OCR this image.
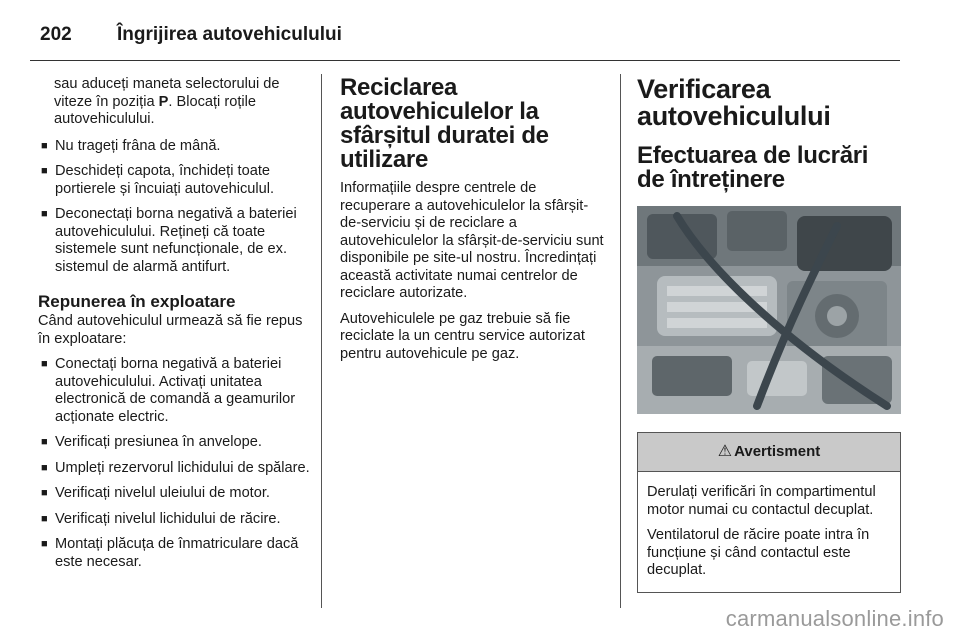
202 Îngrijirea autovehiculului

sau aduceți maneta selectorului de viteze în poziția P. Blocați roțile autovehiculului.

■ Nu trageți frâna de mână.
■ Deschideți capota, închideți toate portierele și încuiați autovehiculul.
■ Deconectați borna negativă a bateriei autovehiculului. Rețineți că toate sistemele sunt nefuncționale, de ex. sistemul de alarmă antifurt.
Repunerea în exploatare

Când autovehiculul urmează să fie repus în exploatare:

■ Conectați borna negativă a bateriei autovehiculului. Activați unitatea electronică de comandă a geamurilor acționate electric.
■ Verificați presiunea în anvelope.
■ Umpleți rezervorul lichidului de spălare.
■ Verificați nivelul uleiului de motor.
■ Verificați nivelul lichidului de răcire.
■ Montați plăcuța de înmatriculare dacă este necesar.
Reciclarea autovehiculelor la sfârșitul duratei de utilizare

Informațiile despre centrele de recuperare a autovehiculelor la sfârșit-de-serviciu și de reciclare a autovehiculelor la sfârșit-de-serviciu sunt disponibile pe site-ul nostru. Încredințați această activitate numai centrelor de reciclare autorizate.

Autovehiculele pe gaz trebuie să fie reciclate la un centru service autorizat pentru autovehicule pe gaz.

Verificarea autovehiculului
Efectuarea de lucrări de întreținere
⚠ Avertisment

Derulați verificări în compartimentul motor numai cu contactul decuplat.

Ventilatorul de răcire poate intra în funcțiune și când contactul este decuplat.

carmanualsonline.info
